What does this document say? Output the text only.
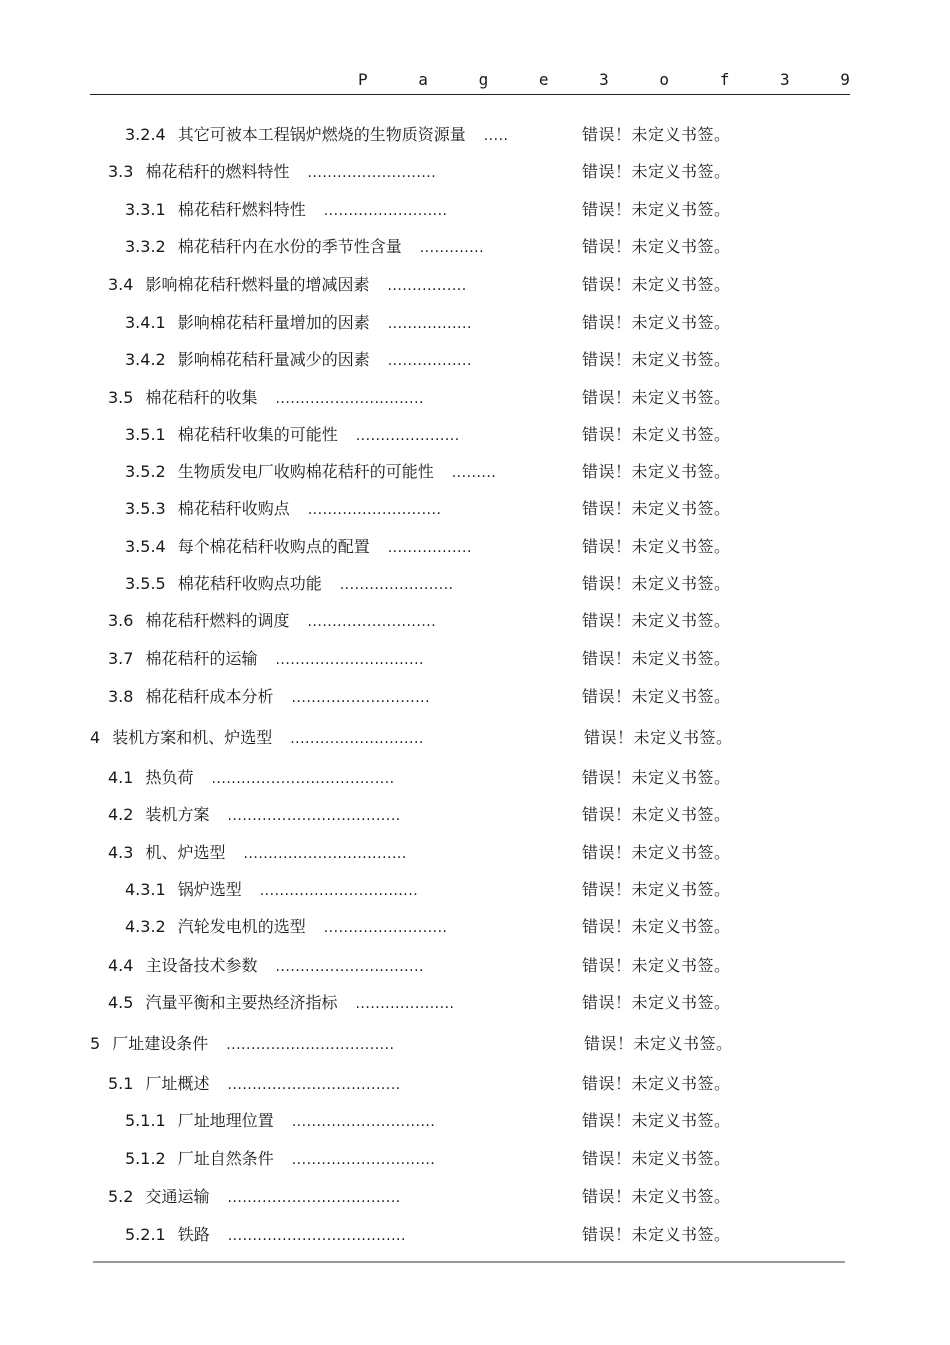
P	a	g	e	3	o	f	3	9
3.2.4 其它可被本工程锅炉燃烧的生物质资源量 .....	错误！未定义书签。
3.3 棉花秸秆的燃料特性 ..........................	错误！未定义书签。
3.3.1 棉花秸秆燃料特性 .........................	错误！未定义书签。
3.3.2 棉花秸秆内在水份的季节性含量 .............	错误！未定义书签。
3.4 影响棉花秸秆燃料量的增减因素 ................	错误！未定义书签。
3.4.1 影响棉花秸秆量增加的因素 .................	错误！未定义书签。
3.4.2 影响棉花秸秆量减少的因素 .................	错误！未定义书签。
3.5 棉花秸秆的收集 ..............................	错误！未定义书签。
3.5.1 棉花秸秆收集的可能性 .....................	错误！未定义书签。
3.5.2 生物质发电厂收购棉花秸秆的可能性 .........	错误！未定义书签。
3.5.3 棉花秸秆收购点 ...........................	错误！未定义书签。
3.5.4 每个棉花秸秆收购点的配置 .................	错误！未定义书签。
3.5.5 棉花秸秆收购点功能 .......................	错误！未定义书签。
3.6 棉花秸秆燃料的调度 ..........................	错误！未定义书签。
3.7 棉花秸秆的运输 ..............................	错误！未定义书签。
3.8 棉花秸秆成本分析 ............................	错误！未定义书签。
4 装机方案和机、炉选型 ...........................	错误！未定义书签。
4.1 热负荷 .....................................	错误！未定义书签。
4.2 装机方案 ...................................	错误！未定义书签。
4.3 机、炉选型 .................................	错误！未定义书签。
4.3.1 锅炉选型 ................................	错误！未定义书签。
4.3.2 汽轮发电机的选型 .........................	错误！未定义书签。
4.4 主设备技术参数 ..............................	错误！未定义书签。
4.5 汽量平衡和主要热经济指标 ....................	错误！未定义书签。
5 厂址建设条件 ..................................	错误！未定义书签。
5.1 厂址概述 ...................................	错误！未定义书签。
5.1.1 厂址地理位置 .............................	错误！未定义书签。
5.1.2 厂址自然条件 .............................	错误！未定义书签。
5.2 交通运输 ...................................	错误！未定义书签。
5.2.1 铁路 ....................................	错误！未定义书签。
